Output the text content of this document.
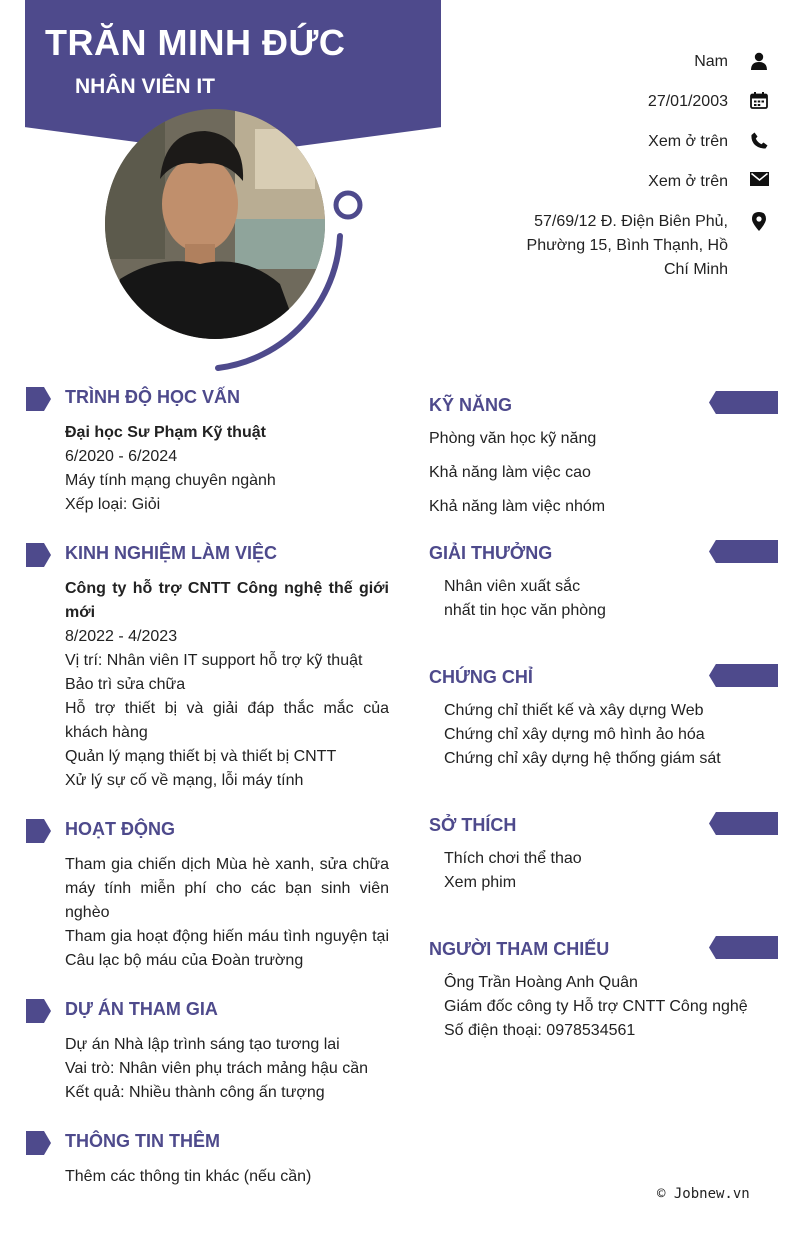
TRĂN MINH ĐỨC
NHÂN VIÊN IT
Nam
27/01/2003
Xem ở trên
Xem ở trên
57/69/12 Đ. Điện Biên Phủ,
Phường 15, Bình Thạnh, Hồ
Chí Minh
TRÌNH ĐỘ HỌC VẤN
Đại học Sư Phạm Kỹ thuật
6/2020 - 6/2024
Máy tính mạng chuyên ngành
Xếp loại: Giỏi
KINH NGHIỆM LÀM VIỆC
Công ty hỗ trợ CNTT Công nghệ thế giới mới
8/2022 - 4/2023
Vị trí: Nhân viên IT support hỗ trợ kỹ thuật
Bảo trì sửa chữa
Hỗ trợ thiết bị và giải đáp thắc mắc của khách hàng
Quản lý mạng thiết bị và thiết bị CNTT
Xử lý sự cố về mạng, lỗi máy tính
HOẠT ĐỘNG
Tham gia chiến dịch Mùa hè xanh, sửa chữa máy tính miễn phí cho các bạn sinh viên nghèo
Tham gia hoạt động hiến máu tình nguyện tại Câu lạc bộ máu của Đoàn trường
DỰ ÁN THAM GIA
Dự án Nhà lập trình sáng tạo tương lai
Vai trò: Nhân viên phụ trách mảng hậu cần
Kết quả: Nhiều thành công ấn tượng
THÔNG TIN THÊM
Thêm các thông tin khác (nếu cần)
KỸ NĂNG
Phòng văn học kỹ năng
Khả năng làm việc cao
Khả năng làm việc nhóm
GIẢI THƯỞNG
Nhân viên xuất sắc
nhất tin học văn phòng
CHỨNG CHỈ
Chứng chỉ thiết kế và xây dựng Web
Chứng chỉ xây dựng mô hình ảo hóa
Chứng chỉ xây dựng hệ thống giám sát
SỞ THÍCH
Thích chơi thể thao
Xem phim
NGƯỜI THAM CHIẾU
Ông Trần Hoàng Anh Quân
Giám đốc công ty Hỗ trợ CNTT Công nghệ
Số điện thoại: 0978534561
© Jobnew.vn
